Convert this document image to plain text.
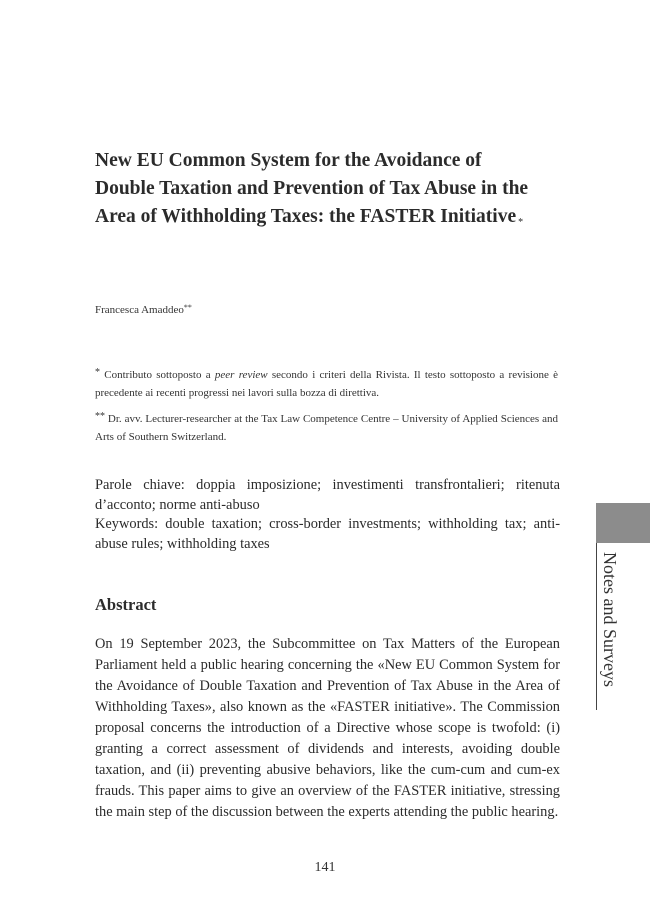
New EU Common System for the Avoidance of Double Taxation and Prevention of Tax Abuse in the Area of Withholding Taxes: the FASTER Initiative *
Francesca Amaddeo**
* Contributo sottoposto a peer review secondo i criteri della Rivista. Il testo sottoposto a revisione è precedente ai recenti progressi nei lavori sulla bozza di direttiva.
** Dr. avv. Lecturer-researcher at the Tax Law Competence Centre – University of Applied Sciences and Arts of Southern Switzerland.
Parole chiave: doppia imposizione; investimenti transfrontalieri; ritenuta d’acconto; norme anti-abuso
Keywords: double taxation; cross-border investments; withholding tax; anti-abuse rules; withholding taxes
Abstract

On 19 September 2023, the Subcommittee on Tax Matters of the European Parliament held a public hearing concerning the «New EU Common System for the Avoidance of Double Taxation and Prevention of Tax Abuse in the Area of Withholding Taxes», also known as the «FASTER initiative». The Commission proposal concerns the introduction of a Directive whose scope is twofold: (i) granting a correct assessment of dividends and interests, avoiding double taxation, and (ii) preventing abusive behaviors, like the cum-cum and cum-ex frauds. This paper aims to give an overview of the FASTER initiative, stressing the main step of the discussion between the experts attending the public hearing.

141
Notes and Surveys
